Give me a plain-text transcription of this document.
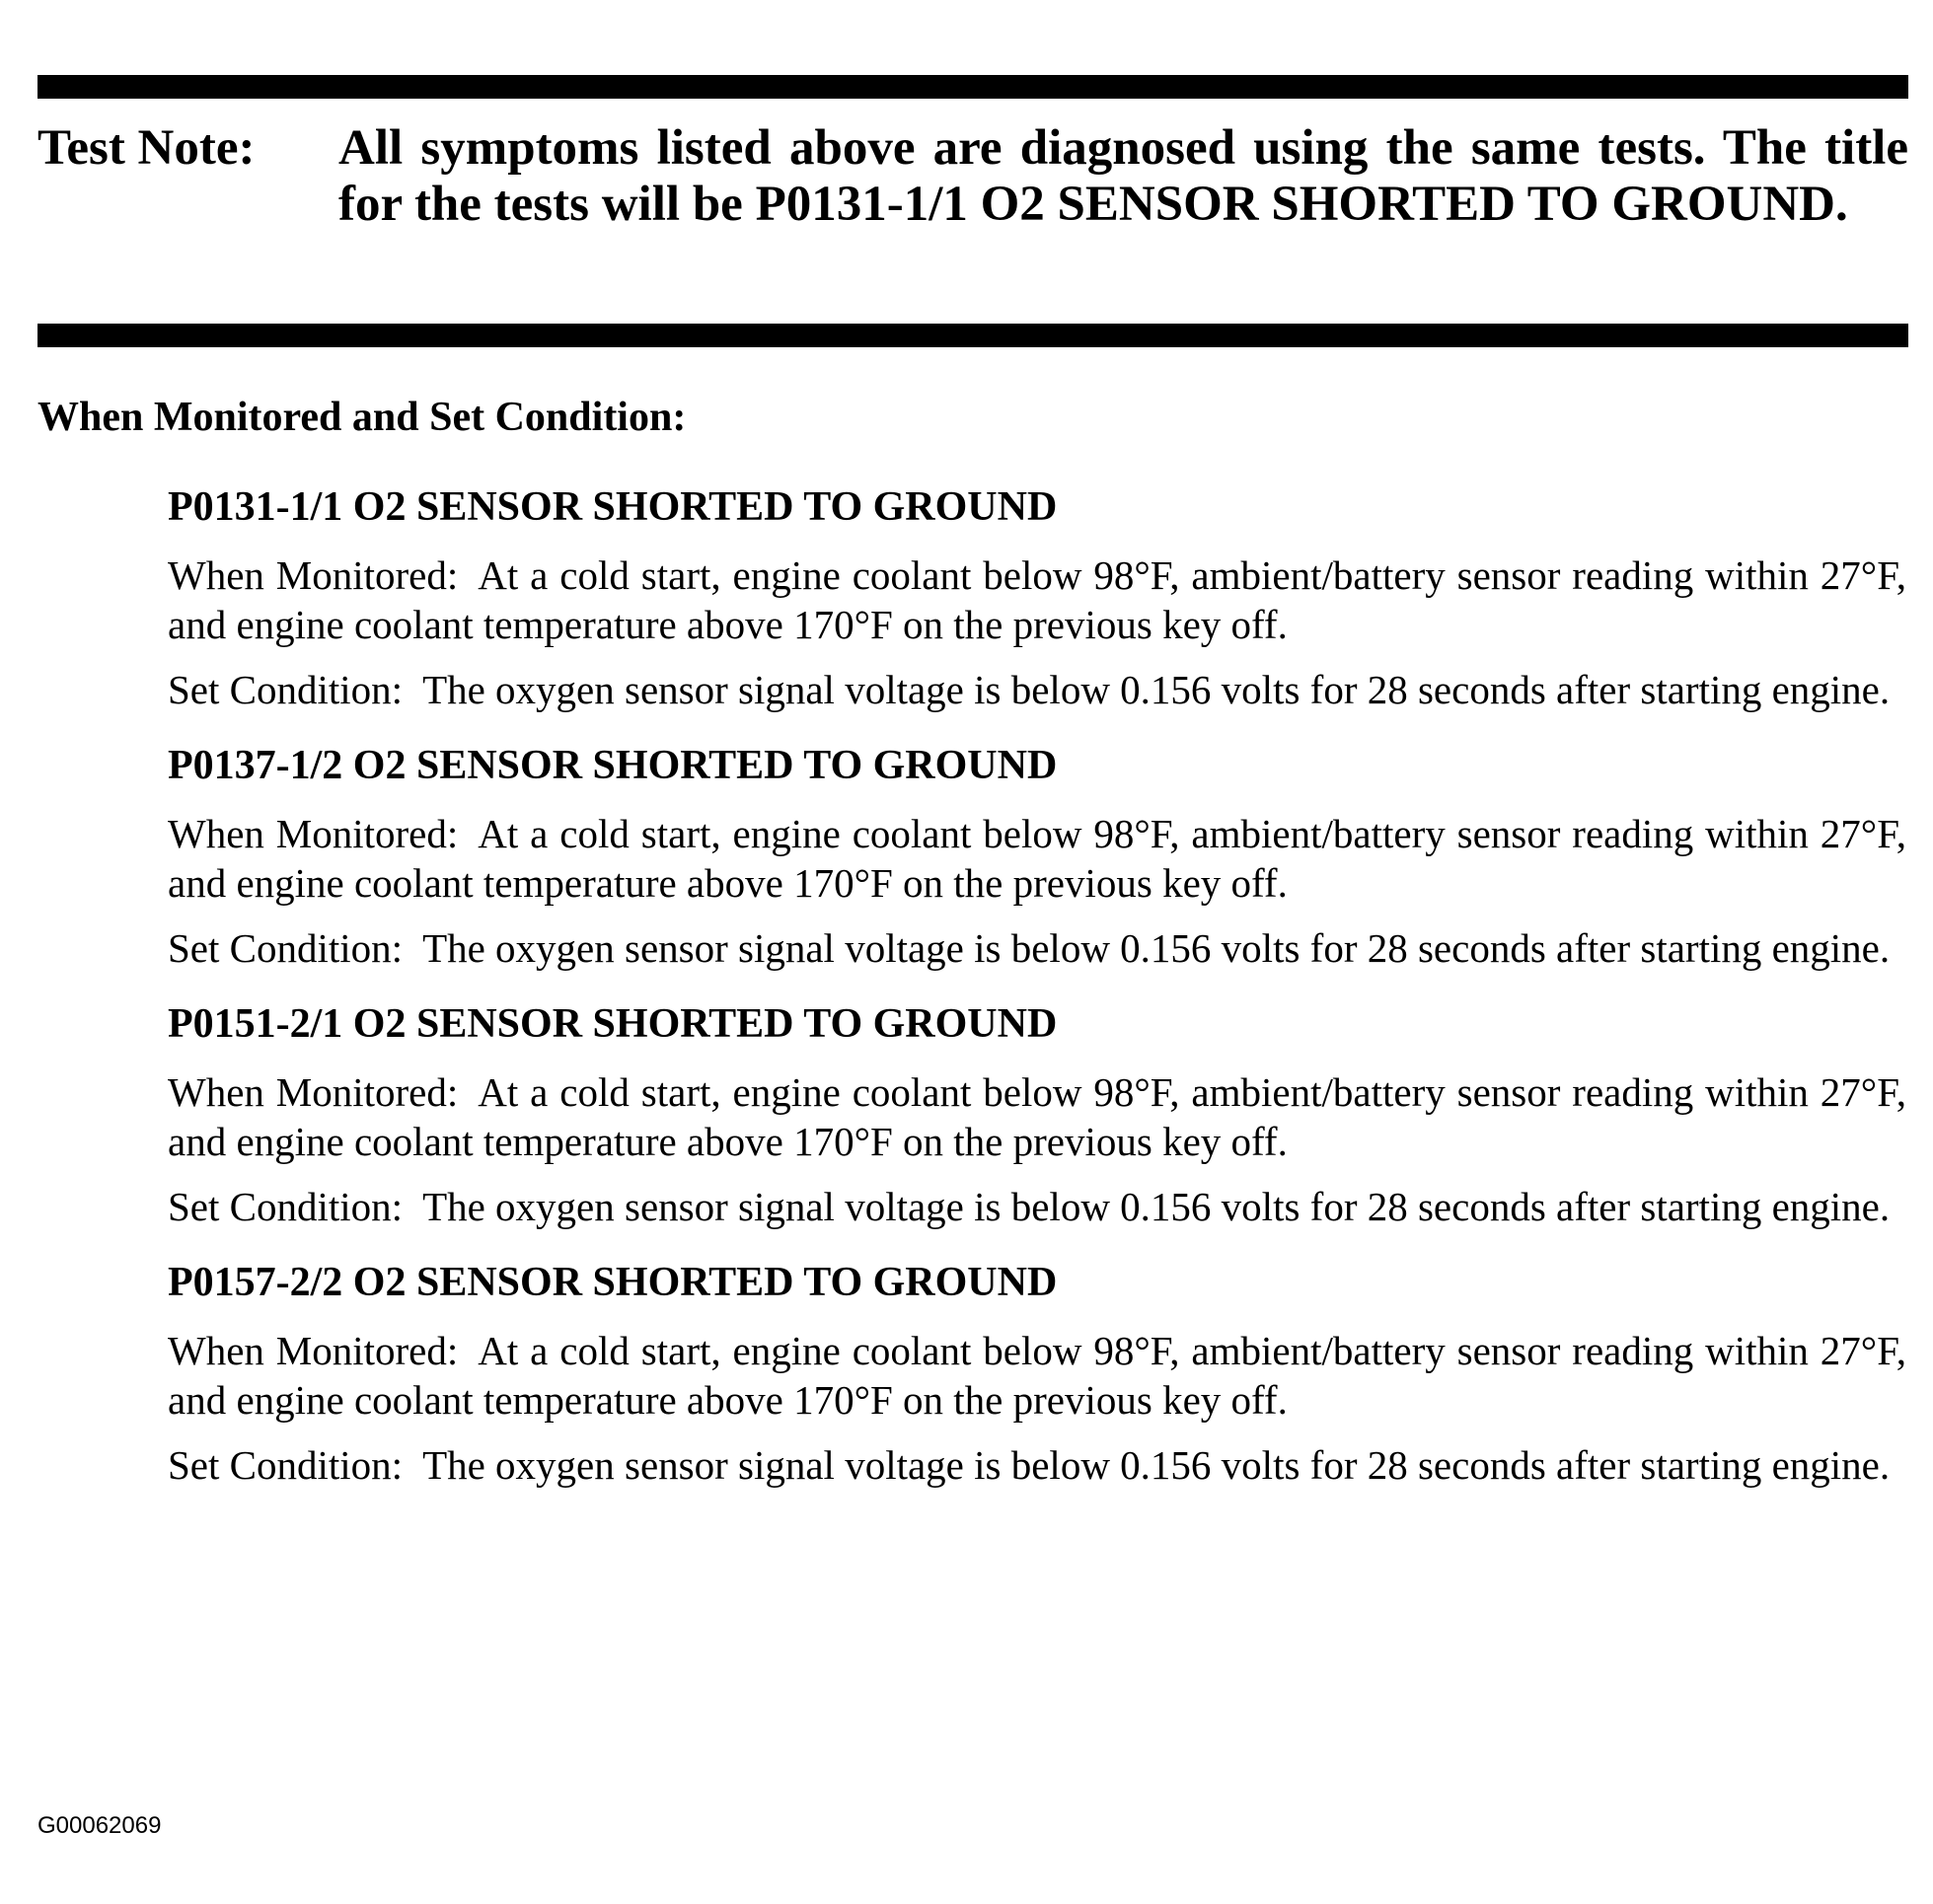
Test Note:	All symptoms listed above are diagnosed using the same tests. The title for the tests will be P0131-1/1 O2 SENSOR SHORTED TO GROUND.
When Monitored and Set Condition:
P0131-1/1 O2 SENSOR SHORTED TO GROUND

When Monitored: At a cold start, engine coolant below 98°F, ambient/battery sensor reading within 27°F, and engine coolant temperature above 170°F on the previous key off.

Set Condition: The oxygen sensor signal voltage is below 0.156 volts for 28 seconds after starting engine.

P0137-1/2 O2 SENSOR SHORTED TO GROUND

When Monitored: At a cold start, engine coolant below 98°F, ambient/battery sensor reading within 27°F, and engine coolant temperature above 170°F on the previous key off.

Set Condition: The oxygen sensor signal voltage is below 0.156 volts for 28 seconds after starting engine.

P0151-2/1 O2 SENSOR SHORTED TO GROUND

When Monitored: At a cold start, engine coolant below 98°F, ambient/battery sensor reading within 27°F, and engine coolant temperature above 170°F on the previous key off.

Set Condition: The oxygen sensor signal voltage is below 0.156 volts for 28 seconds after starting engine.

P0157-2/2 O2 SENSOR SHORTED TO GROUND

When Monitored: At a cold start, engine coolant below 98°F, ambient/battery sensor reading within 27°F, and engine coolant temperature above 170°F on the previous key off.

Set Condition: The oxygen sensor signal voltage is below 0.156 volts for 28 seconds after starting engine.

G00062069
